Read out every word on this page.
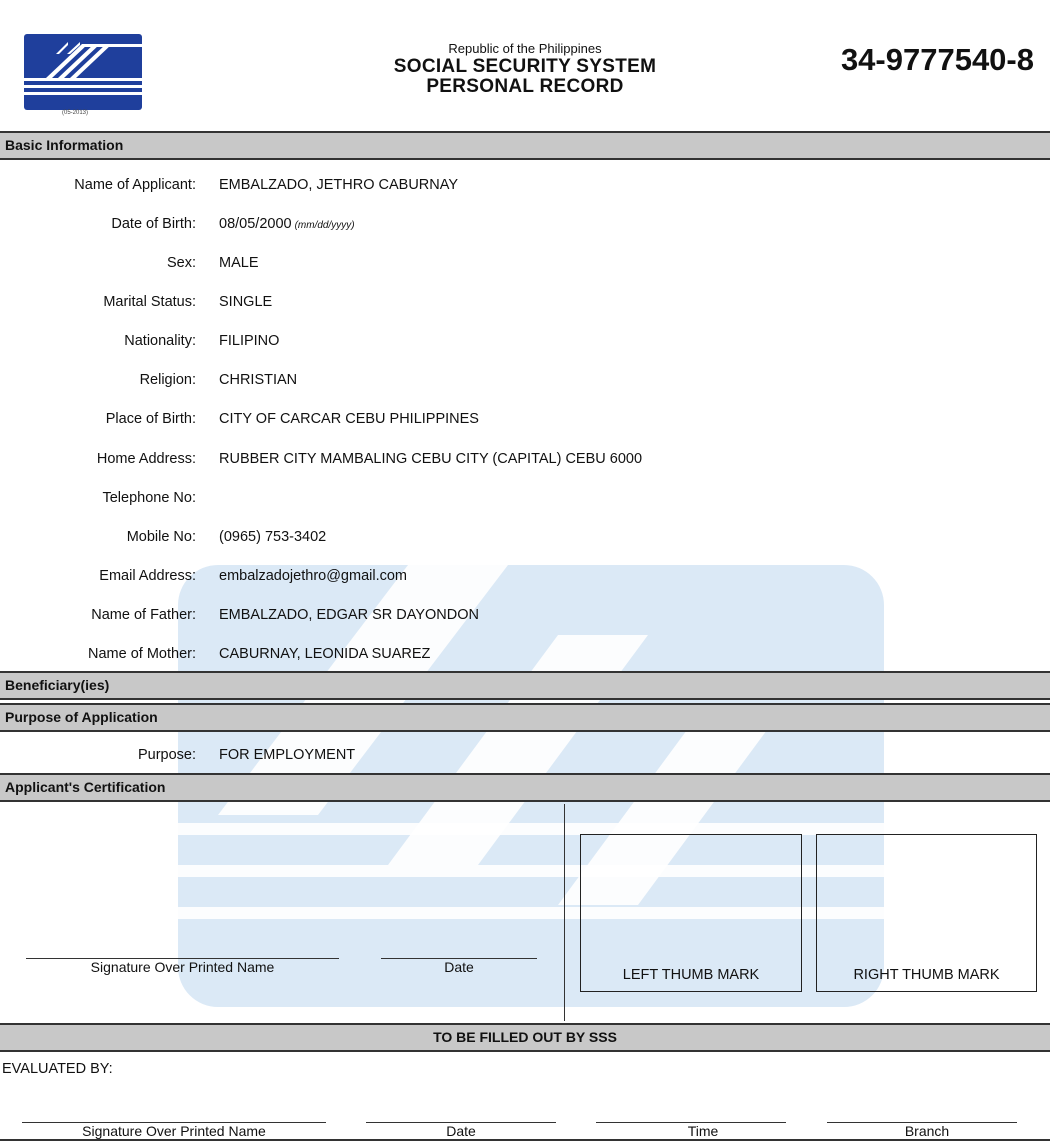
(05-2013)
Republic of the Philippines
SOCIAL SECURITY SYSTEM
PERSONAL RECORD
34-9777540-8
Basic Information
Name of Applicant: EMBALZADO, JETHRO CABURNAY
Date of Birth: 08/05/2000 (mm/dd/yyyy)
Sex: MALE
Marital Status: SINGLE
Nationality: FILIPINO
Religion: CHRISTIAN
Place of Birth: CITY OF CARCAR CEBU PHILIPPINES
Home Address: RUBBER CITY MAMBALING CEBU CITY (CAPITAL) CEBU 6000
Telephone No:
Mobile No: (0965) 753-3402
Email Address: embalzadojethro@gmail.com
Name of Father: EMBALZADO, EDGAR SR DAYONDON
Name of Mother: CABURNAY, LEONIDA SUAREZ
Beneficiary(ies)
Purpose of Application
Purpose: FOR EMPLOYMENT
Applicant's Certification
Signature Over Printed Name	Date	LEFT THUMB MARK	RIGHT THUMB MARK
TO BE FILLED OUT BY SSS
EVALUATED BY:
Signature Over Printed Name	Date	Time	Branch
